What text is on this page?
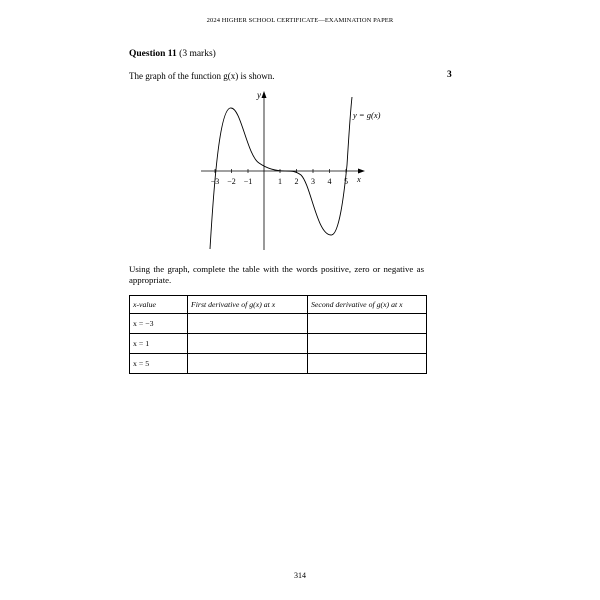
2024 HIGHER SCHOOL CERTIFICATE—EXAMINATION PAPER
Question 11 (3 marks)
The graph of the function g(x) is shown.	3
y
x
y = g(x)
−3 −2 −1	1 2 3 4 5
Using the graph, complete the table with the words positive, zero or negative as appropriate.
x-value	First derivative of g(x) at x	Second derivative of g(x) at x
x = −3		
x = 1		
x = 5		
314
